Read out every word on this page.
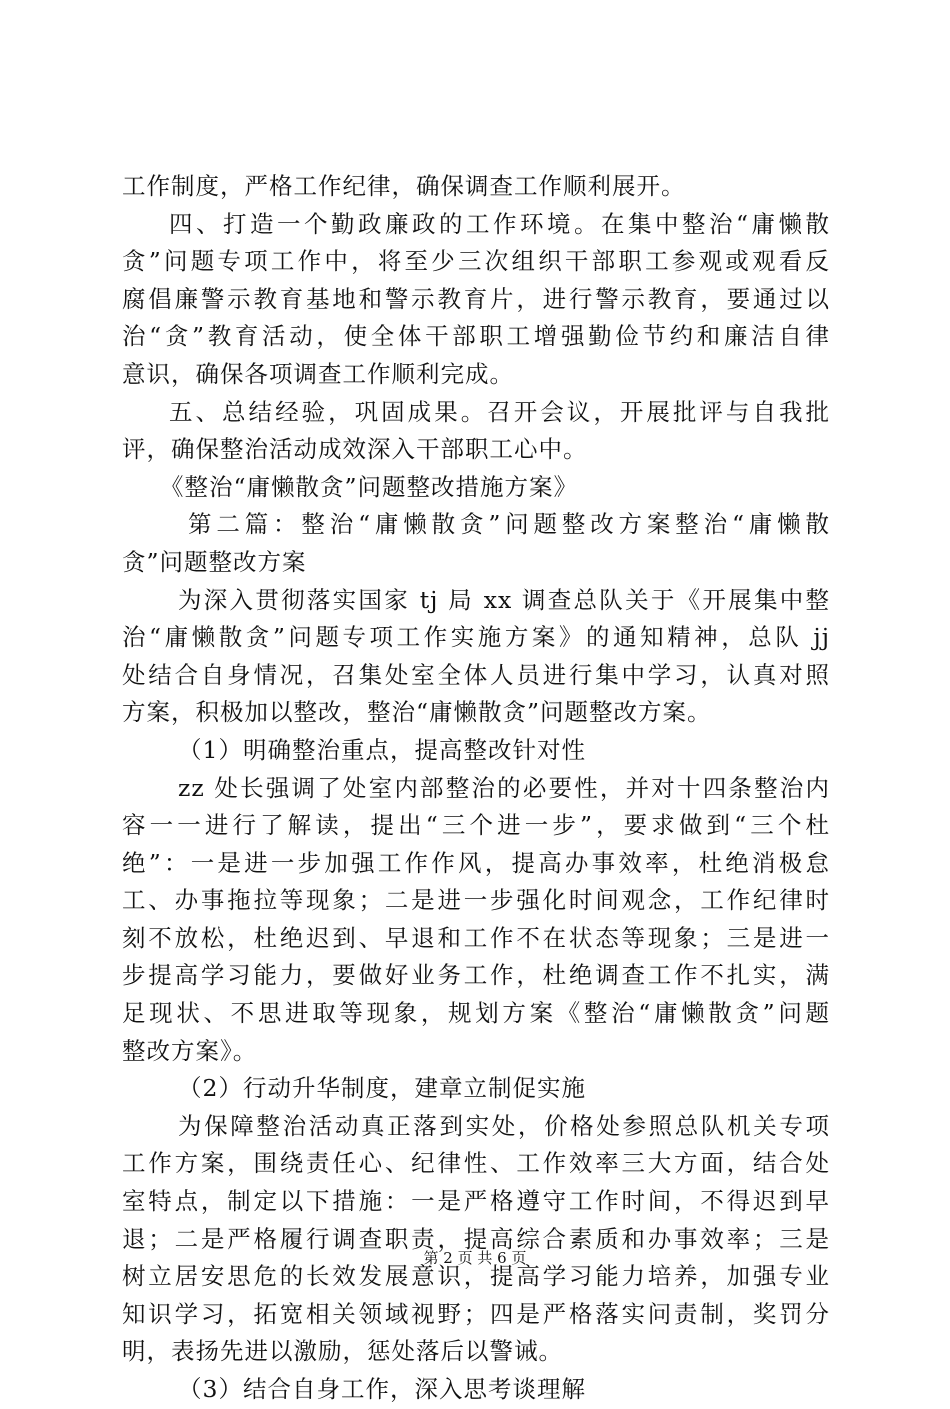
工作制度，严格工作纪律，确保调查工作顺利展开。
四、打造一个勤政廉政的工作环境。在集中整治“庸懒散
贪”问题专项工作中，将至少三次组织干部职工参观或观看反
腐倡廉警示教育基地和警示教育片，进行警示教育，要通过以
治“贪”教育活动，使全体干部职工增强勤俭节约和廉洁自律
意识，确保各项调查工作顺利完成。
五、总结经验，巩固成果。召开会议，开展批评与自我批
评，确保整治活动成效深入干部职工心中。
《整治“庸懒散贪”问题整改措施方案》
第二篇：整治“庸懒散贪”问题整改方案整治“庸懒散
贪”问题整改方案
为深入贯彻落实国家 tj 局 xx 调查总队关于《开展集中整
治“庸懒散贪”问题专项工作实施方案》的通知精神，总队 jj
处结合自身情况，召集处室全体人员进行集中学习，认真对照
方案，积极加以整改，整治“庸懒散贪”问题整改方案。
（1）明确整治重点，提高整改针对性
zz 处长强调了处室内部整治的必要性，并对十四条整治内
容一一进行了解读，提出“三个进一步”，要求做到“三个杜
绝”：一是进一步加强工作作风，提高办事效率，杜绝消极怠
工、办事拖拉等现象；二是进一步强化时间观念，工作纪律时
刻不放松，杜绝迟到、早退和工作不在状态等现象；三是进一
步提高学习能力，要做好业务工作，杜绝调查工作不扎实，满
足现状、不思进取等现象，规划方案《整治“庸懒散贪”问题
整改方案》。
（2）行动升华制度，建章立制促实施
为保障整治活动真正落到实处，价格处参照总队机关专项
工作方案，围绕责任心、纪律性、工作效率三大方面，结合处
室特点，制定以下措施：一是严格遵守工作时间，不得迟到早
退；二是严格履行调查职责，提高综合素质和办事效率；三是
树立居安思危的长效发展意识，提高学习能力培养，加强专业
知识学习，拓宽相关领域视野；四是严格落实问责制，奖罚分
明，表扬先进以激励，惩处落后以警诫。
（3）结合自身工作，深入思考谈理解
第 2 页 共 6 页
